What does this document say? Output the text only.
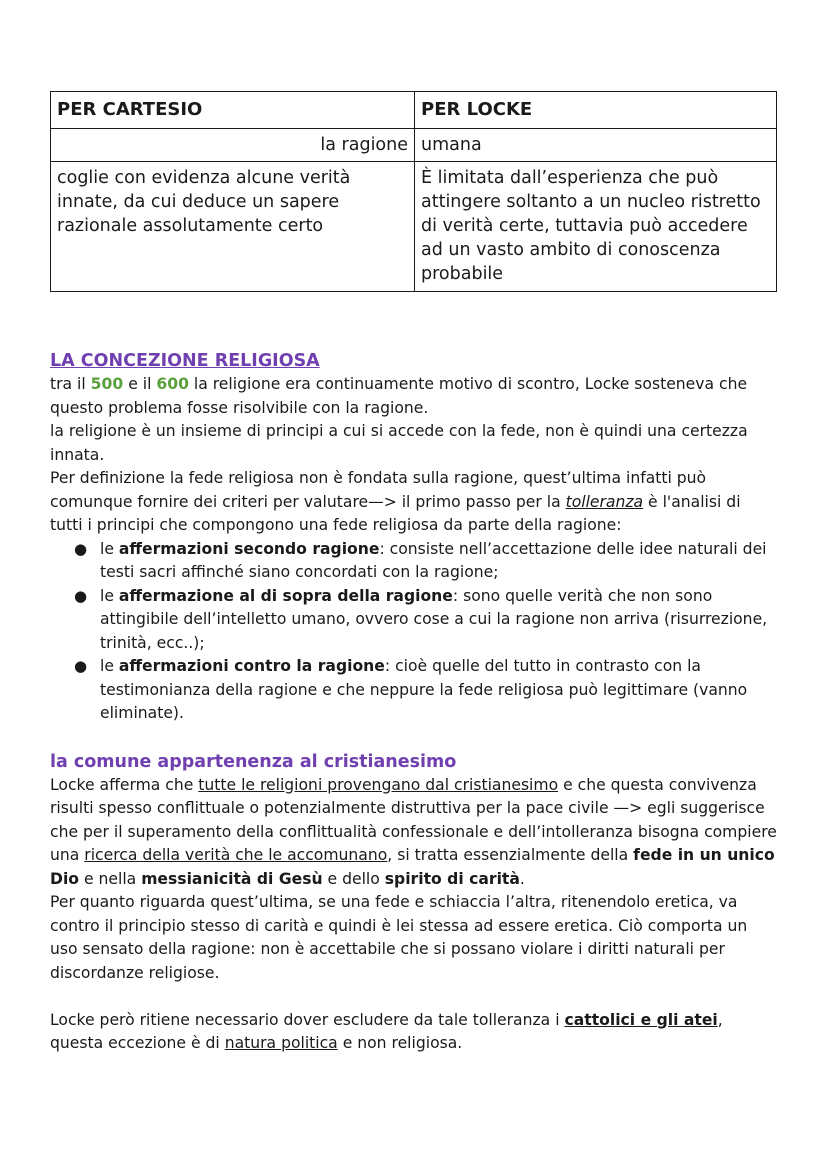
PER CARTESIO	PER LOCKE
la ragione	umana
coglie con evidenza alcune verità innate, da cui deduce un sapere razionale assolutamente certo	È limitata dall’esperienza che può attingere soltanto a un nucleo ristretto di verità certe, tuttavia può accedere ad un vasto ambito di conoscenza probabile
LA CONCEZIONE RELIGIOSA

tra il 500 e il 600 la religione era continuamente motivo di scontro, Locke sosteneva che questo problema fosse risolvibile con la ragione.

la religione è un insieme di principi a cui si accede con la fede, non è quindi una certezza innata.

Per definizione la fede religiosa non è fondata sulla ragione, quest’ultima infatti può comunque fornire dei criteri per valutare—> il primo passo per la tolleranza è l'analisi di tutti i principi che compongono una fede religiosa da parte della ragione:

● le affermazioni secondo ragione: consiste nell’accettazione delle idee naturali dei testi sacri affinché siano concordati con la ragione;
● le affermazione al di sopra della ragione: sono quelle verità che non sono attingibile dell’intelletto umano, ovvero cose a cui la ragione non arriva (risurrezione, trinità, ecc..);
● le affermazioni contro la ragione: cioè quelle del tutto in contrasto con la testimonianza della ragione e che neppure la fede religiosa può legittimare (vanno eliminate).
la comune appartenenza al cristianesimo

Locke afferma che tutte le religioni provengano dal cristianesimo e che questa convivenza risulti spesso conflittuale o potenzialmente distruttiva per la pace civile —> egli suggerisce che per il superamento della conflittualità confessionale e dell’intolleranza bisogna compiere una ricerca della verità che le accomunano, si tratta essenzialmente della fede in un unico Dio e nella messianicità di Gesù e dello spirito di carità.

Per quanto riguarda quest’ultima, se una fede e schiaccia l’altra, ritenendolo eretica, va contro il principio stesso di carità e quindi è lei stessa ad essere eretica. Ciò comporta un uso sensato della ragione: non è accettabile che si possano violare i diritti naturali per discordanze religiose.

Locke però ritiene necessario dover escludere da tale tolleranza i cattolici e gli atei, questa eccezione è di natura politica e non religiosa.
